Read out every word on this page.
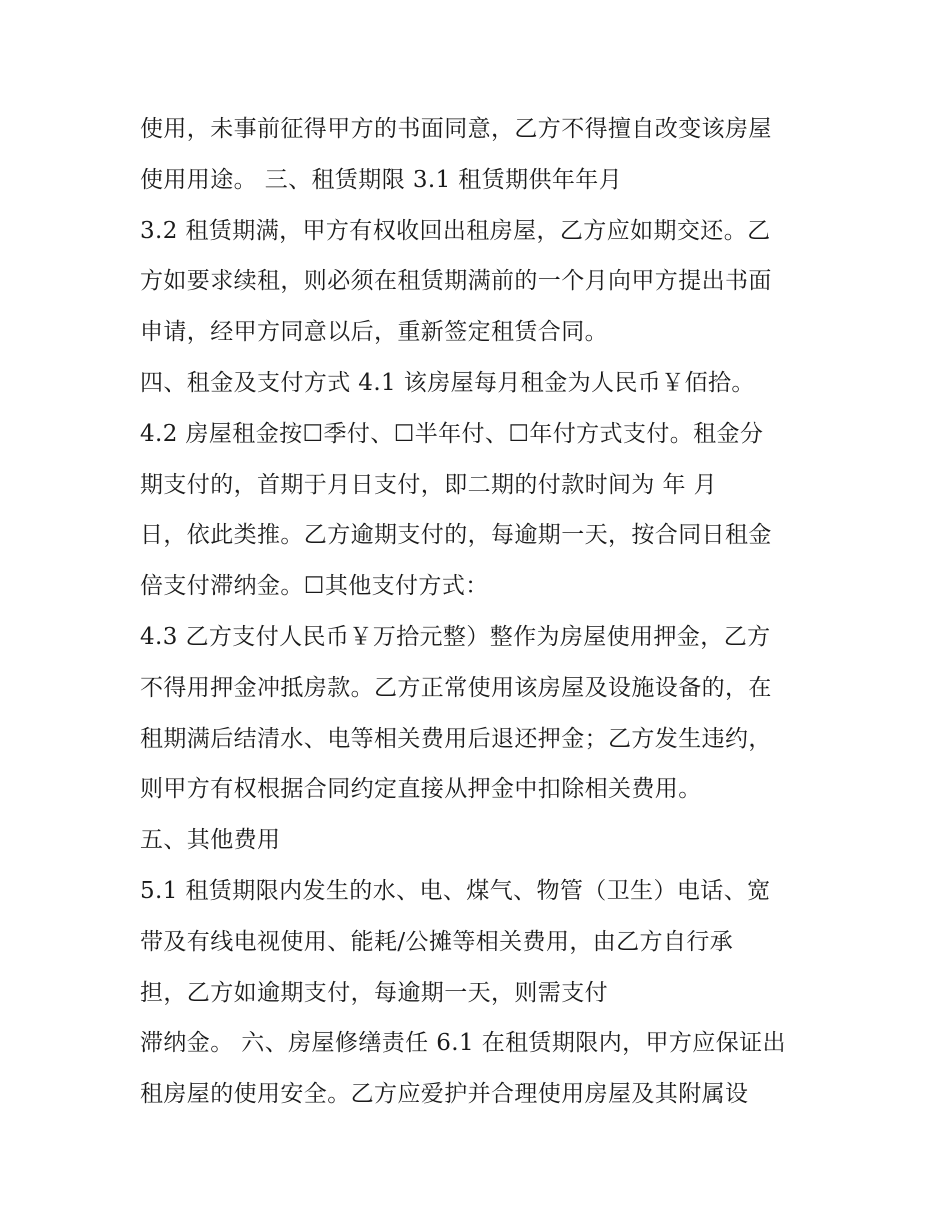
使用，未事前征得甲方的书面同意，乙方不得擅自改变该房屋
使用用途。 三、租赁期限 3.1 租赁期供年年月
3.2 租赁期满，甲方有权收回出租房屋，乙方应如期交还。乙
方如要求续租，则必须在租赁期满前的一个月向甲方提出书面
申请，经甲方同意以后，重新签定租赁合同。
四、租金及支付方式 4.1 该房屋每月租金为人民币￥佰拾。
4.2 房屋租金按☐季付、☐半年付、☐年付方式支付。租金分
期支付的，首期于月日支付，即二期的付款时间为 年 月
日，依此类推。乙方逾期支付的，每逾期一天，按合同日租金
倍支付滞纳金。☐其他支付方式：
4.3 乙方支付人民币￥万拾元整）整作为房屋使用押金，乙方
不得用押金冲抵房款。乙方正常使用该房屋及设施设备的，在
租期满后结清水、电等相关费用后退还押金；乙方发生违约，
则甲方有权根据合同约定直接从押金中扣除相关费用。
五、其他费用
5.1 租赁期限内发生的水、电、煤气、物管（卫生）电话、宽
带及有线电视使用、能耗/公摊等相关费用，由乙方自行承
担，乙方如逾期支付，每逾期一天，则需支付
滞纳金。 六、房屋修缮责任 6.1 在租赁期限内，甲方应保证出
租房屋的使用安全。乙方应爱护并合理使用房屋及其附属设
